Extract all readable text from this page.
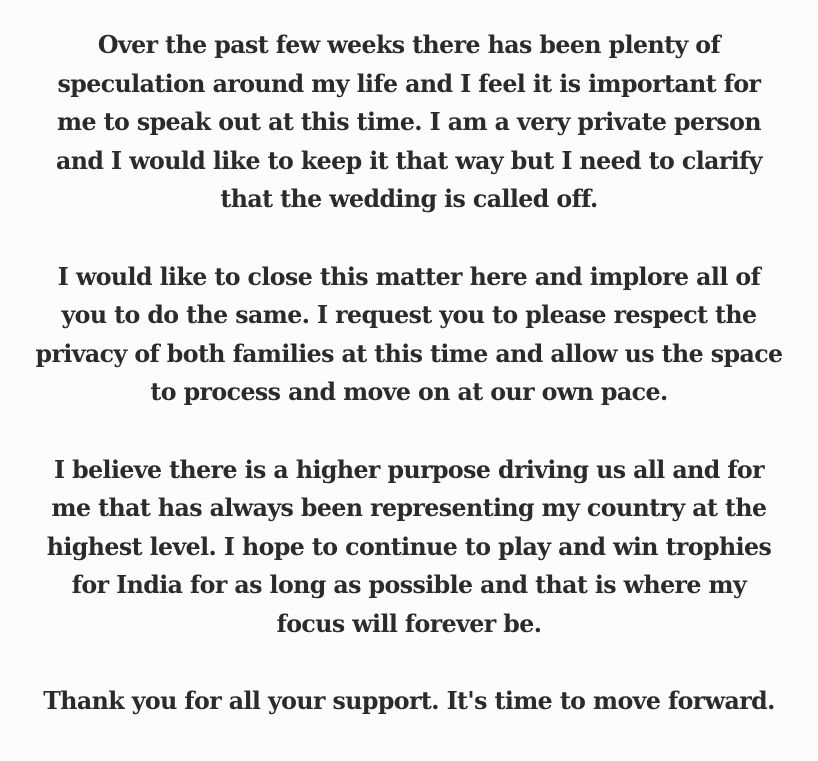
Over the past few weeks there has been plenty of
speculation around my life and I feel it is important for
me to speak out at this time. I am a very private person
and I would like to keep it that way but I need to clarify
that the wedding is called off.

I would like to close this matter here and implore all of
you to do the same. I request you to please respect the
privacy of both families at this time and allow us the space
to process and move on at our own pace.

I believe there is a higher purpose driving us all and for
me that has always been representing my country at the
highest level. I hope to continue to play and win trophies
for India for as long as possible and that is where my
focus will forever be.

Thank you for all your support. It's time to move forward.
